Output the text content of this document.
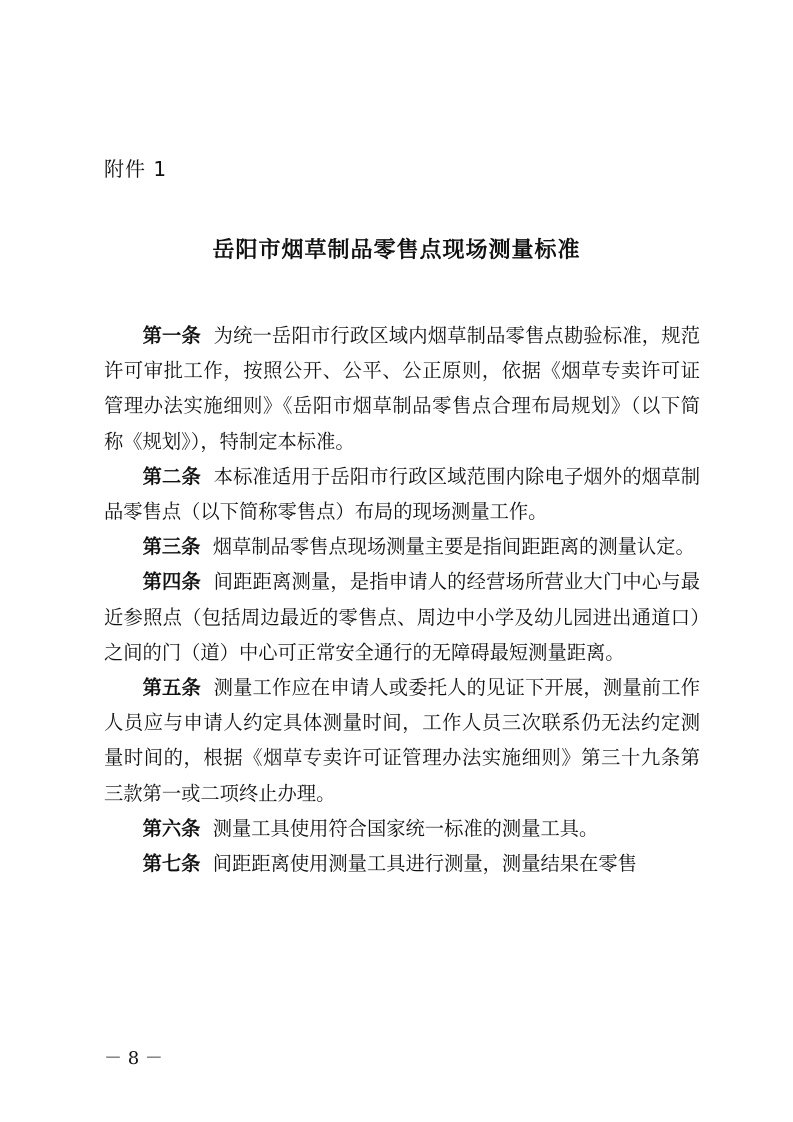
附件 1
岳阳市烟草制品零售点现场测量标准

第一条 为统一岳阳市行政区域内烟草制品零售点勘验标准，规范许可审批工作，按照公开、公平、公正原则，依据《烟草专卖许可证管理办法实施细则》《岳阳市烟草制品零售点合理布局规划》（以下简称《规划》），特制定本标准。

第二条 本标准适用于岳阳市行政区域范围内除电子烟外的烟草制品零售点（以下简称零售点）布局的现场测量工作。

第三条 烟草制品零售点现场测量主要是指间距距离的测量认定。

第四条 间距距离测量，是指申请人的经营场所营业大门中心与最近参照点（包括周边最近的零售点、周边中小学及幼儿园进出通道口）之间的门（道）中心可正常安全通行的无障碍最短测量距离。

第五条 测量工作应在申请人或委托人的见证下开展，测量前工作人员应与申请人约定具体测量时间，工作人员三次联系仍无法约定测量时间的，根据《烟草专卖许可证管理办法实施细则》第三十九条第三款第一或二项终止办理。

第六条 测量工具使用符合国家统一标准的测量工具。

第七条 间距距离使用测量工具进行测量，测量结果在零售

－ 8 －
